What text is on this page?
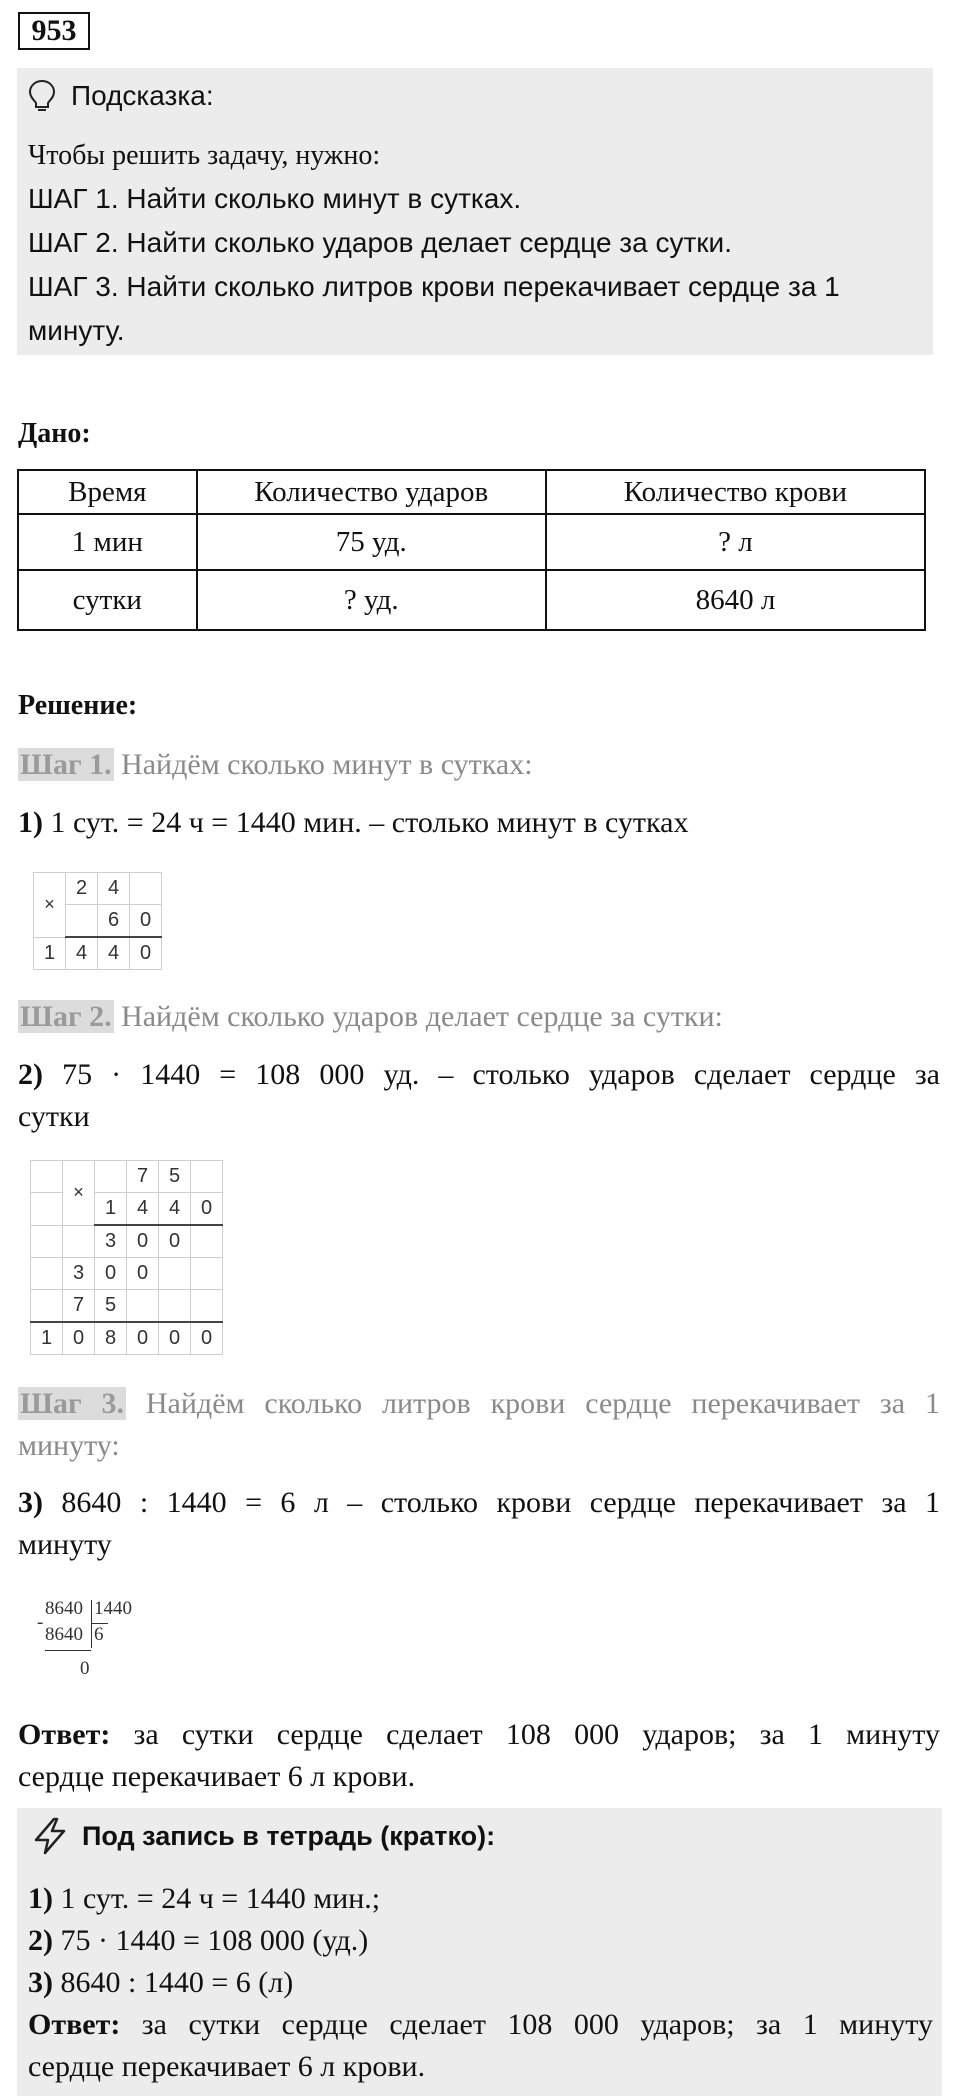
953
Подсказка:
Чтобы решить задачу, нужно:
ШАГ 1. Найти сколько минут в сутках.
ШАГ 2. Найти сколько ударов делает сердце за сутки.
ШАГ 3. Найти сколько литров крови перекачивает сердце за 1
минуту.
Дано:
Время	Количество ударов	Количество крови
1 мин	75 уд.	? л
сутки	? уд.	8640 л
Решение:
Шаг 1. Найдём сколько минут в сутках:
1) 1 сут. = 24 ч = 1440 мин. – столько минут в сутках
×	2	4	
		6	0
1	4	4	0
Шаг 2. Найдём сколько ударов делает сердце за сутки:
2) 75 · 1440 = 108 000 уд. – столько ударов сделает сердце за
сутки
	×		7	5	
		1	4	4	0
		3	0	0	
	3	0	0		
	7	5			
1	0	8	0	0	0
Шаг 3. Найдём сколько литров крови сердце перекачивает за 1
минуту:
3) 8640 : 1440 = 6 л – столько крови сердце перекачивает за 1
минуту
8640 1440
-
8640 6
0
Ответ: за сутки сердце сделает 108 000 ударов; за 1 минуту
сердце перекачивает 6 л крови.
Под запись в тетрадь (кратко):
1) 1 сут. = 24 ч = 1440 мин.;
2) 75 · 1440 = 108 000 (уд.)
3) 8640 : 1440 = 6 (л)
Ответ: за сутки сердце сделает 108 000 ударов; за 1 минуту
сердце перекачивает 6 л крови.
